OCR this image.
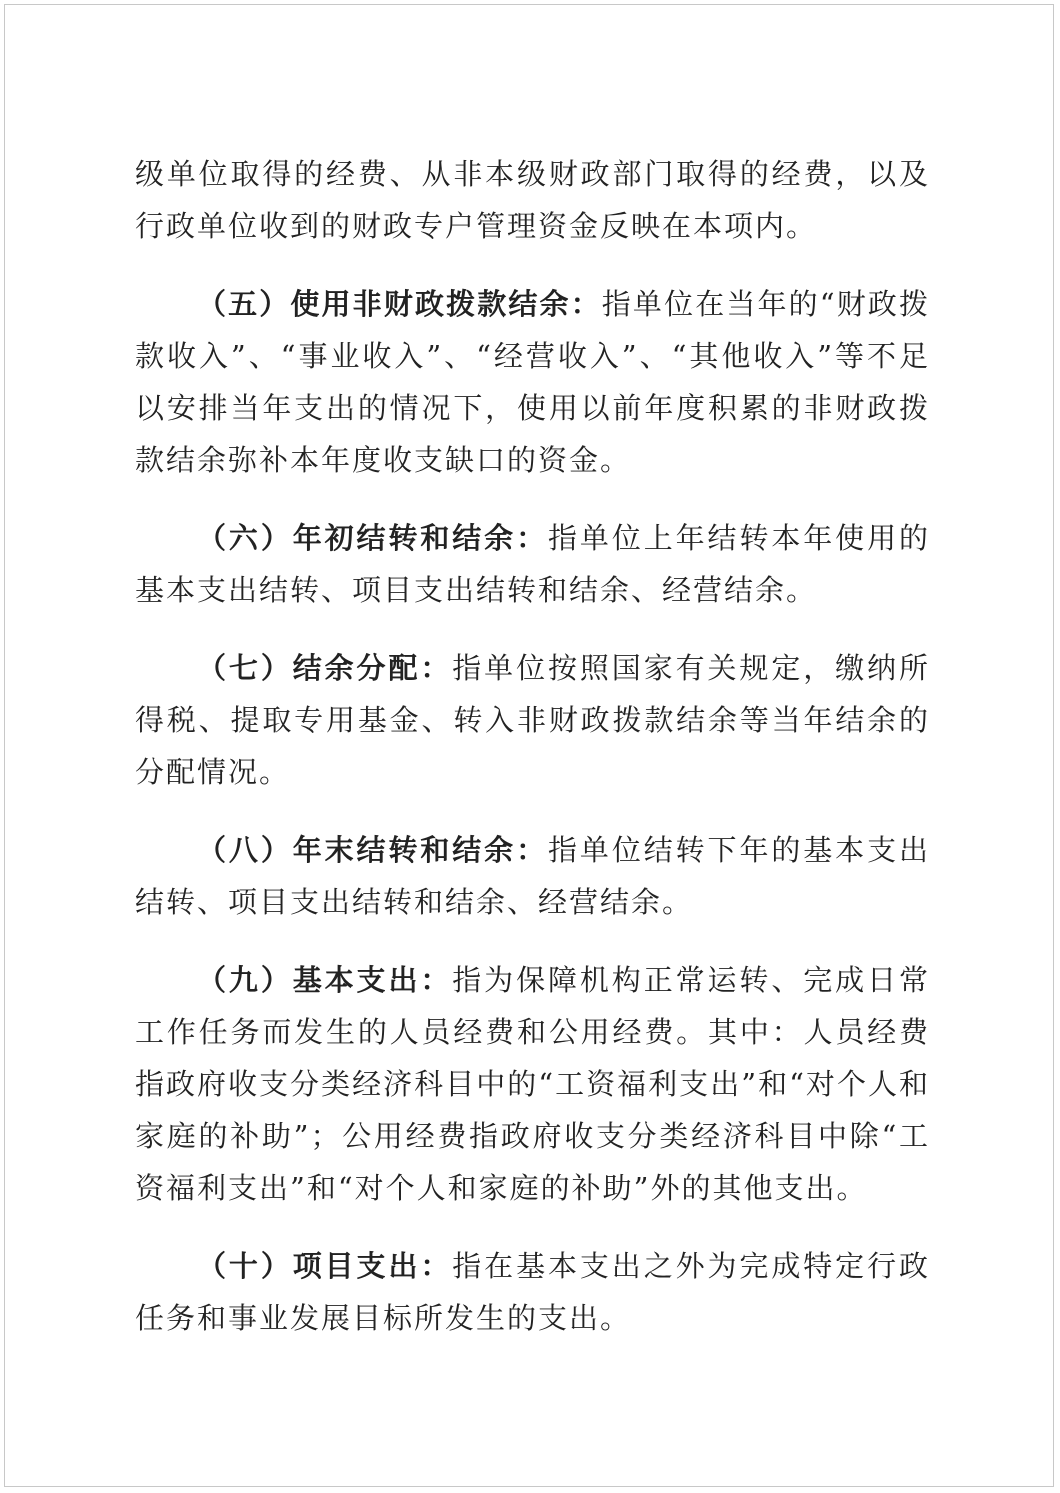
级单位取得的经费、从非本级财政部门取得的经费，以及行政单位收到的财政专户管理资金反映在本项内。

（五）使用非财政拨款结余：指单位在当年的“财政拨款收入”、“事业收入”、“经营收入”、“其他收入”等不足以安排当年支出的情况下，使用以前年度积累的非财政拨款结余弥补本年度收支缺口的资金。

（六）年初结转和结余：指单位上年结转本年使用的基本支出结转、项目支出结转和结余、经营结余。

（七）结余分配：指单位按照国家有关规定，缴纳所得税、提取专用基金、转入非财政拨款结余等当年结余的分配情况。

（八）年末结转和结余：指单位结转下年的基本支出结转、项目支出结转和结余、经营结余。

（九）基本支出：指为保障机构正常运转、完成日常工作任务而发生的人员经费和公用经费。其中：人员经费指政府收支分类经济科目中的“工资福利支出”和“对个人和家庭的补助”；公用经费指政府收支分类经济科目中除“工资福利支出”和“对个人和家庭的补助”外的其他支出。

（十）项目支出：指在基本支出之外为完成特定行政任务和事业发展目标所发生的支出。
